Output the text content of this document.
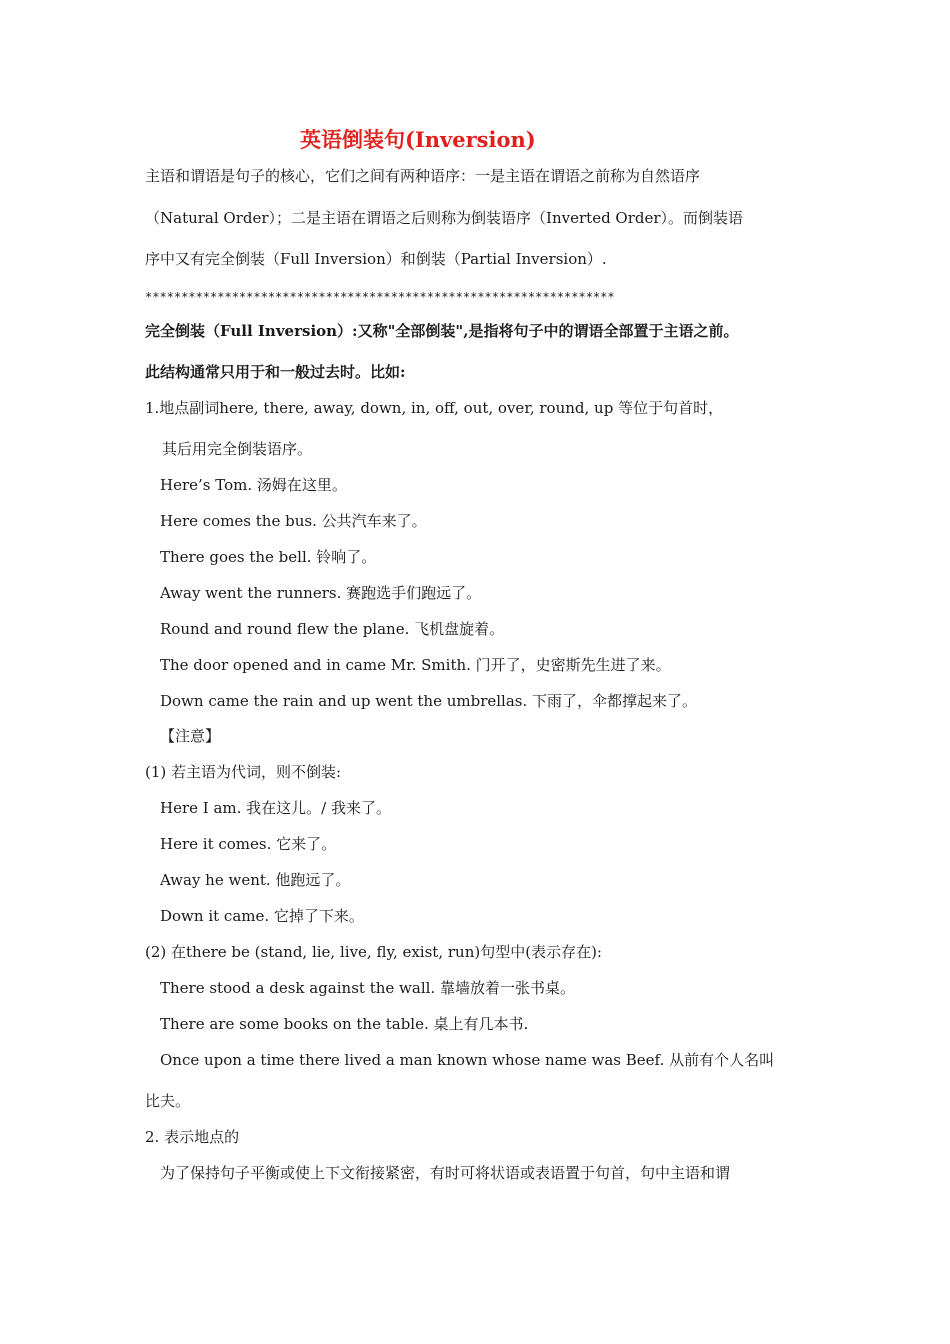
英语倒装句(Inversion)

主语和谓语是句子的核心，它们之间有两种语序：一是主语在谓语之前称为自然语序

（Natural Order）；二是主语在谓语之后则称为倒装语序（Inverted Order）。而倒装语

序中又有完全倒装（Full Inversion）和倒装（Partial Inversion）.

*****************************************************************

完全倒装（Full Inversion）:又称"全部倒装",是指将句子中的谓语全部置于主语之前。

此结构通常只用于和一般过去时。比如:

1.地点副词here, there, away, down, in, off, out, over, round, up 等位于句首时，

其后用完全倒装语序。

Here’s Tom. 汤姆在这里。

Here comes the bus. 公共汽车来了。

There goes the bell. 铃响了。

Away went the runners. 赛跑选手们跑远了。

Round and round flew the plane. 飞机盘旋着。

The door opened and in came Mr. Smith. 门开了，史密斯先生进了来。

Down came the rain and up went the umbrellas. 下雨了，伞都撑起来了。

【注意】

(1) 若主语为代词，则不倒装:

Here I am. 我在这儿。/ 我来了。

Here it comes. 它来了。

Away he went. 他跑远了。

Down it came. 它掉了下来。

(2) 在there be (stand, lie, live, fly, exist, run)句型中(表示存在):

There stood a desk against the wall. 靠墙放着一张书桌。

There are some books on the table. 桌上有几本书.

Once upon a time there lived a man known whose name was Beef. 从前有个人名叫

比夫。

2. 表示地点的

为了保持句子平衡或使上下文衔接紧密，有时可将状语或表语置于句首，句中主语和谓
